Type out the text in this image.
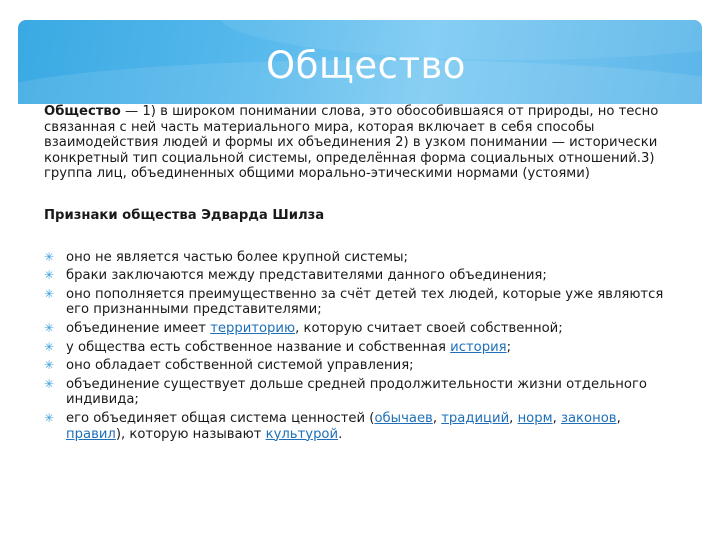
Общество

Общество — 1) в широком понимании слова, это обособившаяся от природы, но тесно связанная с ней часть материального мира, которая включает в себя способы взаимодействия людей и формы их объединения 2) в узком понимании — исторически конкретный тип социальной системы, определённая форма социальных отношений.3) группа лиц, объединенных общими морально-этическими нормами (устоями)

Признаки общества Эдварда Шилза
✳ оно не является частью более крупной системы;
✳ браки заключаются между представителями данного объединения;
✳ оно пополняется преимущественно за счёт детей тех людей, которые уже являются его признанными представителями;
✳ объединение имеет территорию, которую считает своей собственной;
✳ у общества есть собственное название и собственная история;
✳ оно обладает собственной системой управления;
✳ объединение существует дольше средней продолжительности жизни отдельного индивида;
✳ его объединяет общая система ценностей (обычаев, традиций, норм, законов, правил), которую называют культурой.
